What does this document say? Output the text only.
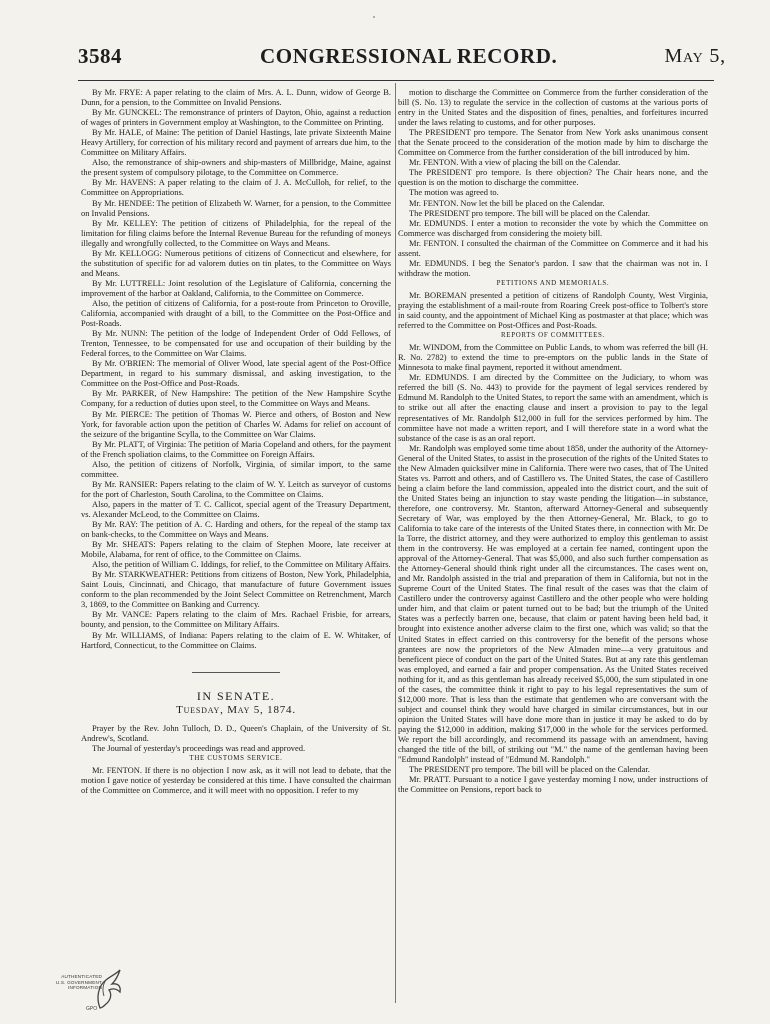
3584	CONGRESSIONAL RECORD.	May 5,

By Mr. FRYE: A paper relating to the claim of Mrs. A. L. Dunn, widow of George B. Dunn, for a pension, to the Committee on Invalid Pensions.

By Mr. GUNCKEL: The remonstrance of printers of Dayton, Ohio, against a reduction of wages of printers in Government employ at Washington, to the Committee on Printing.

By Mr. HALE, of Maine: The petition of Daniel Hastings, late private Sixteenth Maine Heavy Artillery, for correction of his military record and payment of arrears due him, to the Committee on Military Affairs.

Also, the remonstrance of ship-owners and ship-masters of Millbridge, Maine, against the present system of compulsory pilotage, to the Committee on Commerce.

By Mr. HAVENS: A paper relating to the claim of J. A. McCulloh, for relief, to the Committee on Appropriations.

By Mr. HENDEE: The petition of Elizabeth W. Warner, for a pension, to the Committee on Invalid Pensions.

By Mr. KELLEY: The petition of citizens of Philadelphia, for the repeal of the limitation for filing claims before the Internal Revenue Bureau for the refunding of moneys illegally and wrongfully collected, to the Committee on Ways and Means.

By Mr. KELLOGG: Numerous petitions of citizens of Connecticut and elsewhere, for the substitution of specific for ad valorem duties on tin plates, to the Committee on Ways and Means.

By Mr. LUTTRELL: Joint resolution of the Legislature of California, concerning the improvement of the harbor at Oakland, California, to the Committee on Commerce.

Also, the petition of citizens of California, for a post-route from Princeton to Oroville, California, accompanied with draught of a bill, to the Committee on the Post-Office and Post-Roads.

By Mr. NUNN: The petition of the lodge of Independent Order of Odd Fellows, of Trenton, Tennessee, to be compensated for use and occupation of their building by the Federal forces, to the Committee on War Claims.

By Mr. O'BRIEN: The memorial of Oliver Wood, late special agent of the Post-Office Department, in regard to his summary dismissal, and asking investigation, to the Committee on the Post-Office and Post-Roads.

By Mr. PARKER, of New Hampshire: The petition of the New Hampshire Scythe Company, for a reduction of duties upon steel, to the Committee on Ways and Means.

By Mr. PIERCE: The petition of Thomas W. Pierce and others, of Boston and New York, for favorable action upon the petition of Charles W. Adams for relief on account of the seizure of the brigantine Scylla, to the Committee on War Claims.

By Mr. PLATT, of Virginia: The petition of Maria Copeland and others, for the payment of the French spoliation claims, to the Committee on Foreign Affairs.

Also, the petition of citizens of Norfolk, Virginia, of similar import, to the same committee.

By Mr. RANSIER: Papers relating to the claim of W. Y. Leitch as surveyor of customs for the port of Charleston, South Carolina, to the Committee on Claims.

Also, papers in the matter of T. C. Callicot, special agent of the Treasury Department, vs. Alexander McLeod, to the Committee on Claims.

By Mr. RAY: The petition of A. C. Harding and others, for the repeal of the stamp tax on bank-checks, to the Committee on Ways and Means.

By Mr. SHEATS: Papers relating to the claim of Stephen Moore, late receiver at Mobile, Alabama, for rent of office, to the Committee on Claims.

Also, the petition of William C. Iddings, for relief, to the Committee on Military Affairs.

By Mr. STARKWEATHER: Petitions from citizens of Boston, New York, Philadelphia, Saint Louis, Cincinnati, and Chicago, that manufacture of future Government issues conform to the plan recommended by the Joint Select Committee on Retrenchment, March 3, 1869, to the Committee on Banking and Currency.

By Mr. VANCE: Papers relating to the claim of Mrs. Rachael Frisbie, for arrears, bounty, and pension, to the Committee on Military Affairs.

By Mr. WILLIAMS, of Indiana: Papers relating to the claim of E. W. Whitaker, of Hartford, Connecticut, to the Committee on Claims.

IN SENATE.
Tuesday, May 5, 1874.

Prayer by the Rev. John Tulloch, D. D., Queen's Chaplain, of the University of St. Andrew's, Scotland.

The Journal of yesterday's proceedings was read and approved.

THE CUSTOMS SERVICE.

Mr. FENTON. If there is no objection I now ask, as it will not lead to debate, that the motion I gave notice of yesterday be considered at this time. I have consulted the chairman of the Committee on Commerce, and it will meet with no opposition. I refer to my

motion to discharge the Committee on Commerce from the further consideration of the bill (S. No. 13) to regulate the service in the collection of customs at the various ports of entry in the United States and the disposition of fines, penalties, and forfeitures incurred under the laws relating to customs, and for other purposes.

The PRESIDENT pro tempore. The Senator from New York asks unanimous consent that the Senate proceed to the consideration of the motion made by him to discharge the Committee on Commerce from the further consideration of the bill introduced by him.

Mr. FENTON. With a view of placing the bill on the Calendar.

The PRESIDENT pro tempore. Is there objection? The Chair hears none, and the question is on the motion to discharge the committee.

The motion was agreed to.

Mr. FENTON. Now let the bill be placed on the Calendar.

The PRESIDENT pro tempore. The bill will be placed on the Calendar.

Mr. EDMUNDS. I enter a motion to reconsider the vote by which the Committee on Commerce was discharged from considering the moiety bill.

Mr. FENTON. I consulted the chairman of the Committee on Commerce and it had his assent.

Mr. EDMUNDS. I beg the Senator's pardon. I saw that the chairman was not in. I withdraw the motion.

PETITIONS AND MEMORIALS.

Mr. BOREMAN presented a petition of citizens of Randolph County, West Virginia, praying the establishment of a mail-route from Roaring Creek post-office to Tolbert's store in said county, and the appointment of Michael King as postmaster at that place; which was referred to the Committee on Post-Offices and Post-Roads.

REPORTS OF COMMITTEES.

Mr. WINDOM, from the Committee on Public Lands, to whom was referred the bill (H. R. No. 2782) to extend the time to pre-emptors on the public lands in the State of Minnesota to make final payment, reported it without amendment.

Mr. EDMUNDS. I am directed by the Committee on the Judiciary, to whom was referred the bill (S. No. 443) to provide for the payment of legal services rendered by Edmund M. Randolph to the United States, to report the same with an amendment, which is to strike out all after the enacting clause and insert a provision to pay to the legal representatives of Mr. Randolph $12,000 in full for the services performed by him. The committee have not made a written report, and I will therefore state in a word what the substance of the case is as an oral report.

Mr. Randolph was employed some time about 1858, under the authority of the Attorney-General of the United States, to assist in the prosecution of the rights of the United States to the New Almaden quicksilver mine in California. There were two cases, that of The United States vs. Parrott and others, and of Castillero vs. The United States, the case of Castillero being a claim before the land commission, appealed into the district court, and the suit of the United States being an injunction to stay waste pending the litigation—in substance, therefore, one controversy. Mr. Stanton, afterward Attorney-General and subsequently Secretary of War, was employed by the then Attorney-General, Mr. Black, to go to California to take care of the interests of the United States there, in connection with Mr. De la Torre, the district attorney, and they were authorized to employ this gentleman to assist them in the controversy. He was employed at a certain fee named, contingent upon the approval of the Attorney-General. That was $5,000, and also such further compensation as the Attorney-General should think right under all the circumstances. The cases went on, and Mr. Randolph assisted in the trial and preparation of them in California, but not in the Supreme Court of the United States. The final result of the cases was that the claim of Castillero under the controversy against Castillero and the other people who were holding under him, and that claim or patent turned out to be bad; but the triumph of the United States was a perfectly barren one, because, that claim or patent having been held bad, it brought into existence another adverse claim to the first one, which was valid; so that the United States in effect carried on this controversy for the benefit of the persons whose grantees are now the proprietors of the New Almaden mine—a very gratuitous and beneficent piece of conduct on the part of the United States. But at any rate this gentleman was employed, and earned a fair and proper compensation. As the United States received nothing for it, and as this gentleman has already received $5,000, the sum stipulated in one of the cases, the committee think it right to pay to his legal representatives the sum of $12,000 more. That is less than the estimate that gentlemen who are conversant with the subject and counsel think they would have charged in similar circumstances, but in our opinion the United States will have done more than in justice it may be asked to do by paying the $12,000 in addition, making $17,000 in the whole for the services performed. We report the bill accordingly, and recommend its passage with an amendment, having changed the title of the bill, of striking out "M." the name of the gentleman having been "Edmund Randolph" instead of "Edmund M. Randolph."

The PRESIDENT pro tempore. The bill will be placed on the Calendar.

Mr. PRATT. Pursuant to a notice I gave yesterday morning I now, under instructions of the Committee on Pensions, report back to

AUTHENTICATED
U.S. GOVERNMENT
INFORMATION
GPO
